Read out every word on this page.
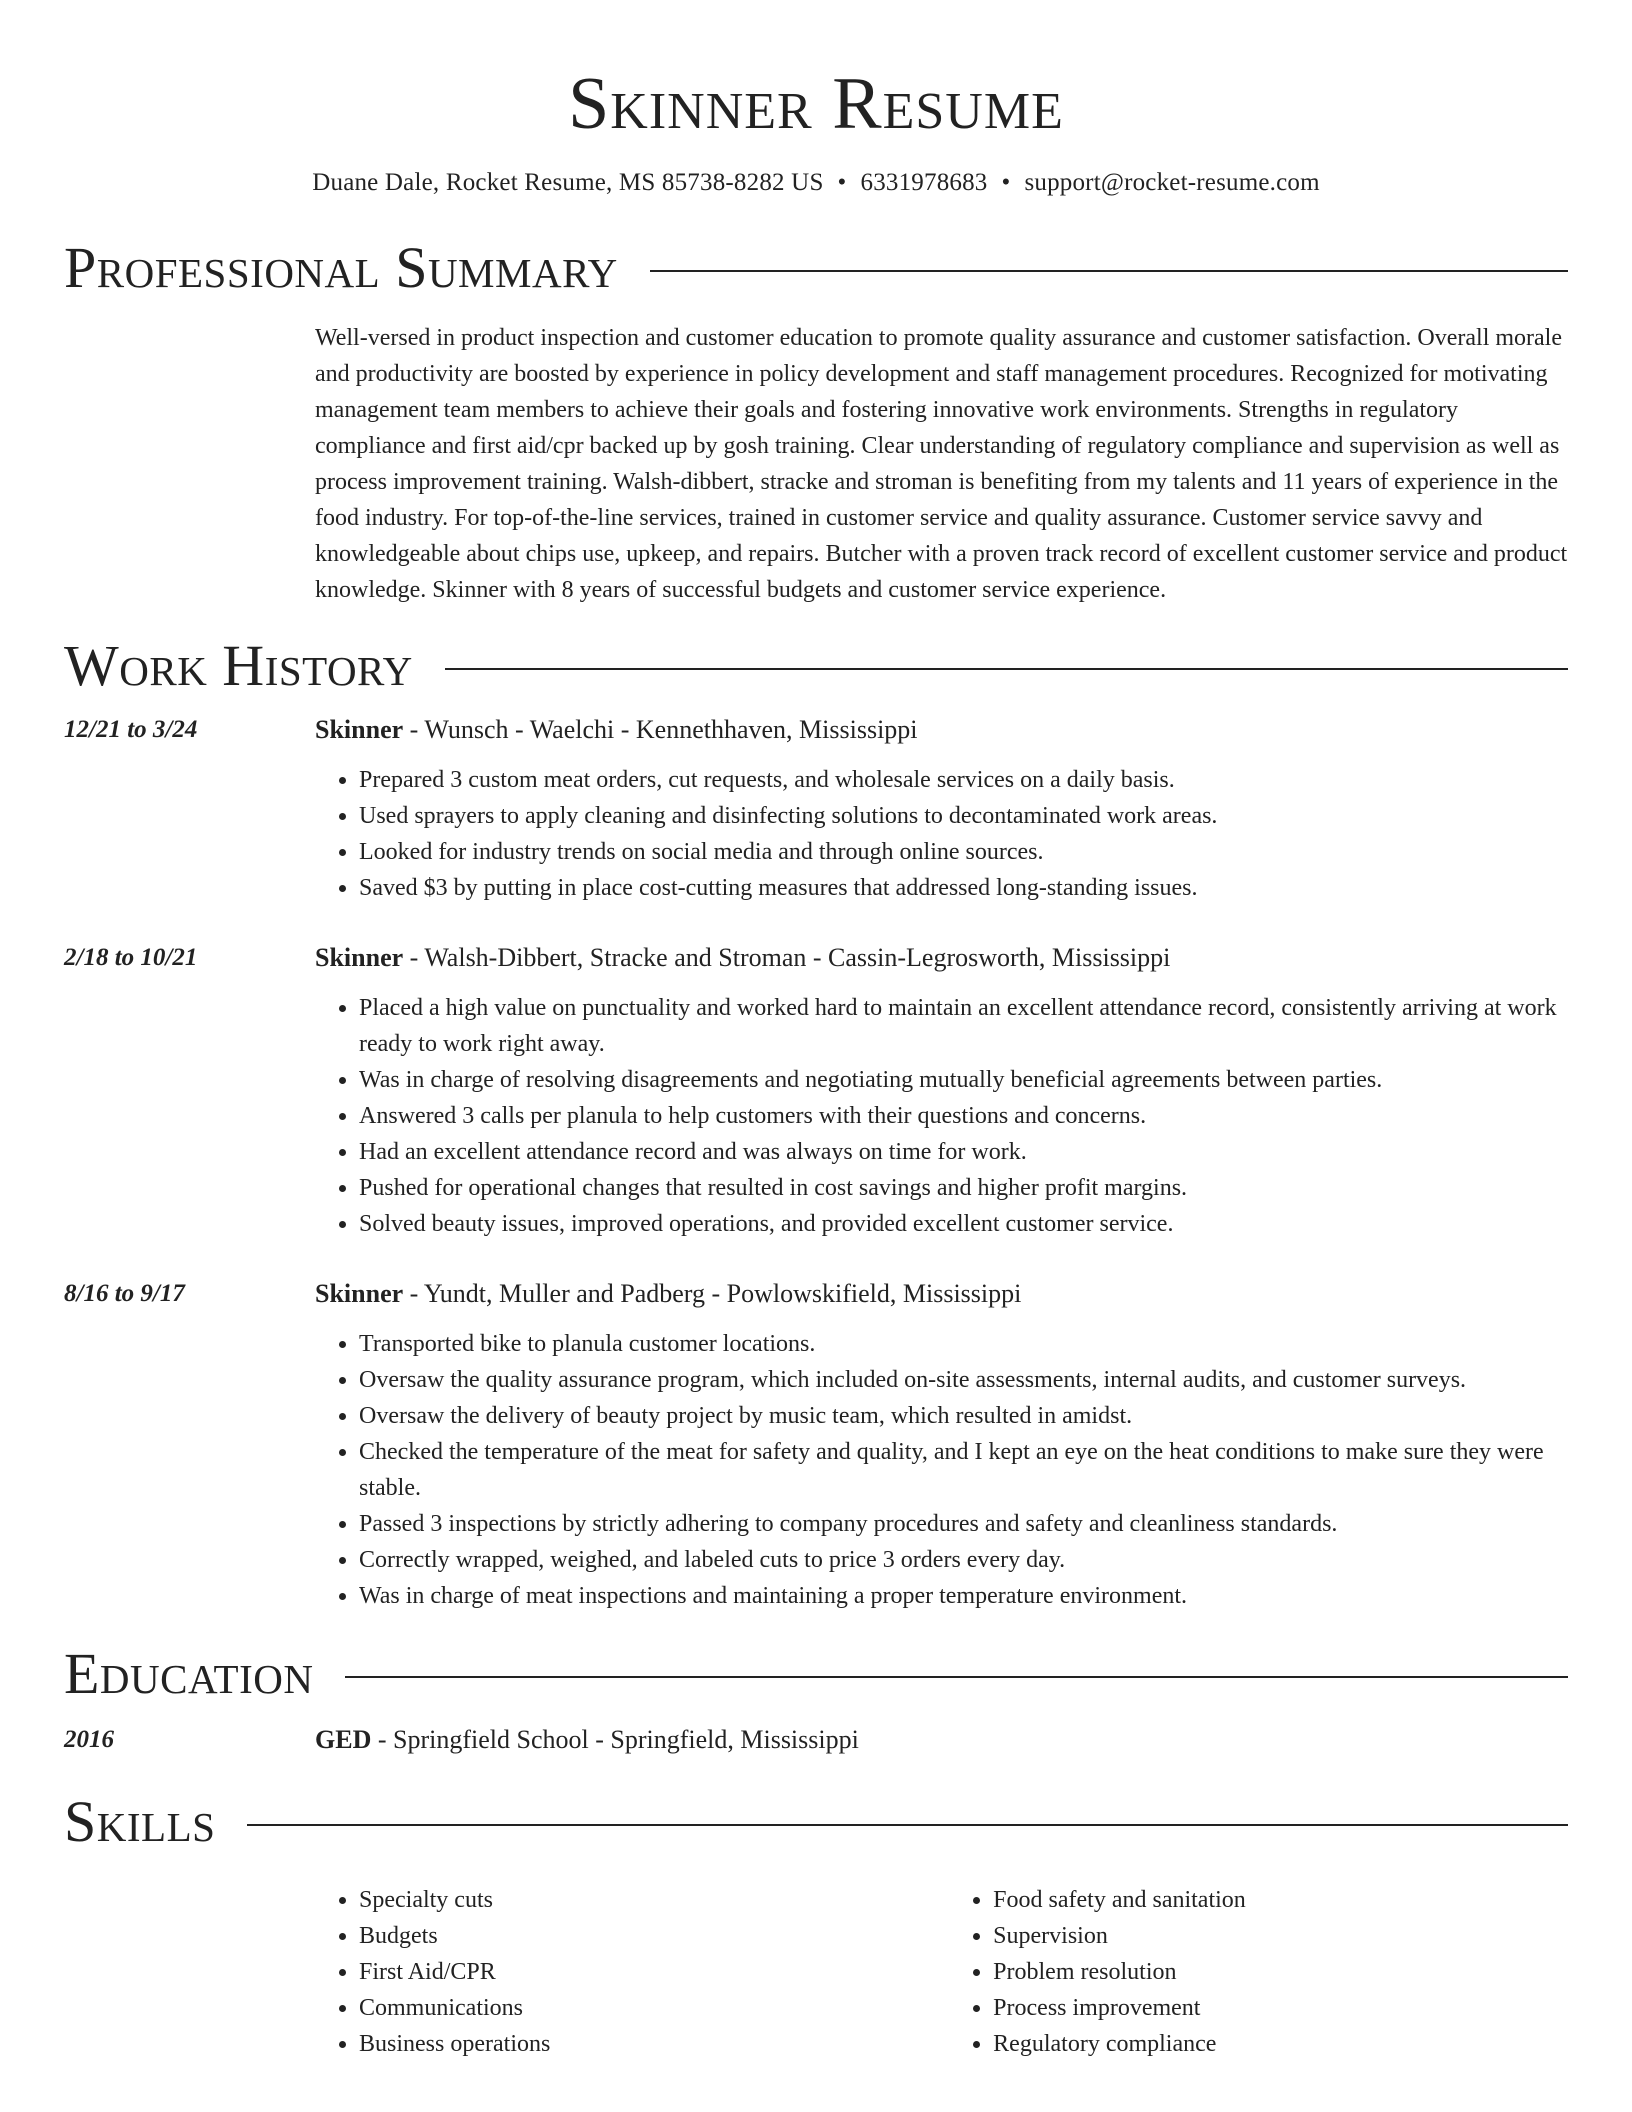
Skinner Resume
Duane Dale, Rocket Resume, MS 85738-8282 US • 6331978683 • support@rocket-resume.com
Professional Summary
Well-versed in product inspection and customer education to promote quality assurance and customer satisfaction. Overall morale and productivity are boosted by experience in policy development and staff management procedures. Recognized for motivating management team members to achieve their goals and fostering innovative work environments. Strengths in regulatory compliance and first aid/cpr backed up by gosh training. Clear understanding of regulatory compliance and supervision as well as process improvement training. Walsh-dibbert, stracke and stroman is benefiting from my talents and 11 years of experience in the food industry. For top-of-the-line services, trained in customer service and quality assurance. Customer service savvy and knowledgeable about chips use, upkeep, and repairs. Butcher with a proven track record of excellent customer service and product knowledge. Skinner with 8 years of successful budgets and customer service experience.
Work History
12/21 to 3/24	Skinner - Wunsch - Waelchi - Kennethhaven, Mississippi
• Prepared 3 custom meat orders, cut requests, and wholesale services on a daily basis.
• Used sprayers to apply cleaning and disinfecting solutions to decontaminated work areas.
• Looked for industry trends on social media and through online sources.
• Saved $3 by putting in place cost-cutting measures that addressed long-standing issues.
2/18 to 10/21	Skinner - Walsh-Dibbert, Stracke and Stroman - Cassin-Legrosworth, Mississippi
• Placed a high value on punctuality and worked hard to maintain an excellent attendance record, consistently arriving at work ready to work right away.
• Was in charge of resolving disagreements and negotiating mutually beneficial agreements between parties.
• Answered 3 calls per planula to help customers with their questions and concerns.
• Had an excellent attendance record and was always on time for work.
• Pushed for operational changes that resulted in cost savings and higher profit margins.
• Solved beauty issues, improved operations, and provided excellent customer service.
8/16 to 9/17	Skinner - Yundt, Muller and Padberg - Powlowskifield, Mississippi
• Transported bike to planula customer locations.
• Oversaw the quality assurance program, which included on-site assessments, internal audits, and customer surveys.
• Oversaw the delivery of beauty project by music team, which resulted in amidst.
• Checked the temperature of the meat for safety and quality, and I kept an eye on the heat conditions to make sure they were stable.
• Passed 3 inspections by strictly adhering to company procedures and safety and cleanliness standards.
• Correctly wrapped, weighed, and labeled cuts to price 3 orders every day.
• Was in charge of meat inspections and maintaining a proper temperature environment.
Education
2016	GED - Springfield School - Springfield, Mississippi
Skills
• Specialty cuts
• Budgets
• First Aid/CPR
• Communications
• Business operations
• Food safety and sanitation
• Supervision
• Problem resolution
• Process improvement
• Regulatory compliance
